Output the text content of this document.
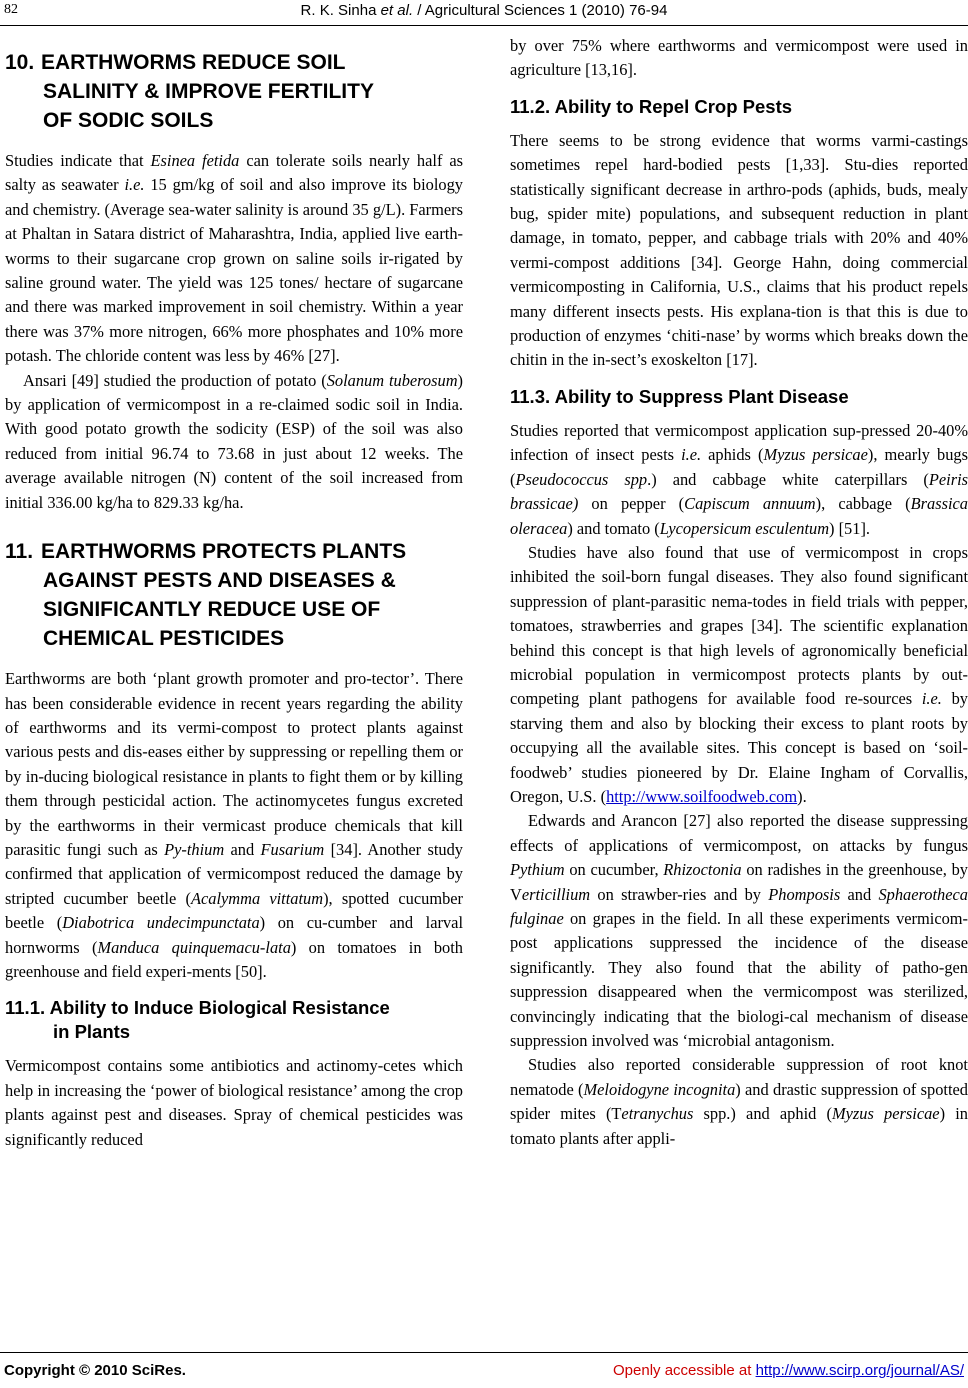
82	R. K. Sinha et al. / Agricultural Sciences 1 (2010) 76-94
10. EARTHWORMS REDUCE SOIL
SALINITY & IMPROVE FERTILITY
OF SODIC SOILS

Studies indicate that Esinea fetida can tolerate soils nearly half as salty as seawater i.e. 15 gm/kg of soil and also improve its biology and chemistry. (Average sea-water salinity is around 35 g/L). Farmers at Phaltan in Satara district of Maharashtra, India, applied live earth-worms to their sugarcane crop grown on saline soils ir-rigated by saline ground water. The yield was 125 tones/ hectare of sugarcane and there was marked improvement in soil chemistry. Within a year there was 37% more nitrogen, 66% more phosphates and 10% more potash. The chloride content was less by 46% [27].

Ansari [49] studied the production of potato (Solanum tuberosum) by application of vermicompost in a re-claimed sodic soil in India. With good potato growth the sodicity (ESP) of the soil was also reduced from initial 96.74 to 73.68 in just about 12 weeks. The average available nitrogen (N) content of the soil increased from initial 336.00 kg/ha to 829.33 kg/ha.

11. EARTHWORMS PROTECTS PLANTS
AGAINST PESTS AND DISEASES &
SIGNIFICANTLY REDUCE USE OF
CHEMICAL PESTICIDES

Earthworms are both ‘plant growth promoter and pro-tector’. There has been considerable evidence in recent years regarding the ability of earthworms and its vermi-compost to protect plants against various pests and dis-eases either by suppressing or repelling them or by in-ducing biological resistance in plants to fight them or by killing them through pesticidal action. The actinomycetes fungus excreted by the earthworms in their vermicast produce chemicals that kill parasitic fungi such as Py-thium and Fusarium [34]. Another study confirmed that application of vermicompost reduced the damage by stripted cucumber beetle (Acalymma vittatum), spotted cucumber beetle (Diabotrica undecimpunctata) on cu-cumber and larval hornworms (Manduca quinquemacu-lata) on tomatoes in both greenhouse and field experi-ments [50].

11.1. Ability to Induce Biological Resistance
in Plants

Vermicompost contains some antibiotics and actinomy-cetes which help in increasing the ‘power of biological resistance’ among the crop plants against pest and diseases. Spray of chemical pesticides was significantly reduced

by over 75% where earthworms and vermicompost were used in agriculture [13,16].

11.2. Ability to Repel Crop Pests

There seems to be strong evidence that worms varmi-castings sometimes repel hard-bodied pests [1,33]. Stu-dies reported statistically significant decrease in arthro-pods (aphids, buds, mealy bug, spider mite) populations, and subsequent reduction in plant damage, in tomato, pepper, and cabbage trials with 20% and 40% vermi-compost additions [34]. George Hahn, doing commercial vermicomposting in California, U.S., claims that his product repels many different insects pests. His explana-tion is that this is due to production of enzymes ‘chiti-nase’ by worms which breaks down the chitin in the in-sect’s exoskelton [17].

11.3. Ability to Suppress Plant Disease

Studies reported that vermicompost application sup-pressed 20-40% infection of insect pests i.e. aphids (Myzus persicae), mearly bugs (Pseudococcus spp.) and cabbage white caterpillars (Peiris brassicae) on pepper (Capiscum annuum), cabbage (Brassica oleracea) and tomato (Lycopersicum esculentum) [51].

Studies have also found that use of vermicompost in crops inhibited the soil-born fungal diseases. They also found significant suppression of plant-parasitic nema-todes in field trials with pepper, tomatoes, strawberries and grapes [34]. The scientific explanation behind this concept is that high levels of agronomically beneficial microbial population in vermicompost protects plants by out-competing plant pathogens for available food re-sources i.e. by starving them and also by blocking their excess to plant roots by occupying all the available sites. This concept is based on ‘soil-foodweb’ studies pioneered by Dr. Elaine Ingham of Corvallis, Oregon, U.S. (http://www.soilfoodweb.com).

Edwards and Arancon [27] also reported the disease suppressing effects of applications of vermicompost, on attacks by fungus Pythium on cucumber, Rhizoctonia on radishes in the greenhouse, by Verticillium on strawber-ries and by Phomposis and Sphaerotheca fulginae on grapes in the field. In all these experiments vermicom-post applications suppressed the incidence of the disease significantly. They also found that the ability of patho-gen suppression disappeared when the vermicompost was sterilized, convincingly indicating that the biologi-cal mechanism of disease suppression involved was ‘microbial antagonism.

Studies also reported considerable suppression of root knot nematode (Meloidogyne incognita) and drastic suppression of spotted spider mites (Tetranychus spp.) and aphid (Myzus persicae) in tomato plants after appli-

Copyright © 2010 SciRes.	Openly accessible at http://www.scirp.org/journal/AS/
